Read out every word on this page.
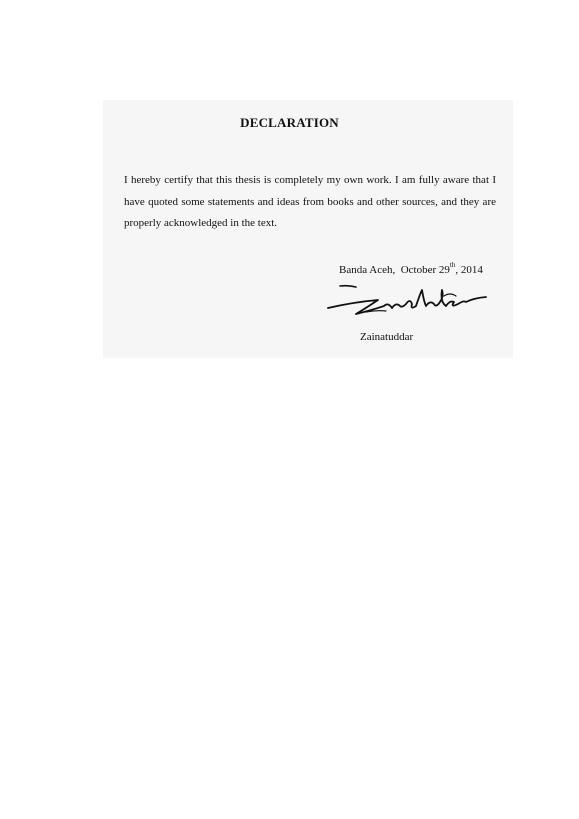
DECLARATION
I hereby certify that this thesis is completely my own work. I am fully aware that I have quoted some statements and ideas from books and other sources, and they are properly acknowledged in the text.
Banda Aceh, October 29th, 2014
Zainatuddar
